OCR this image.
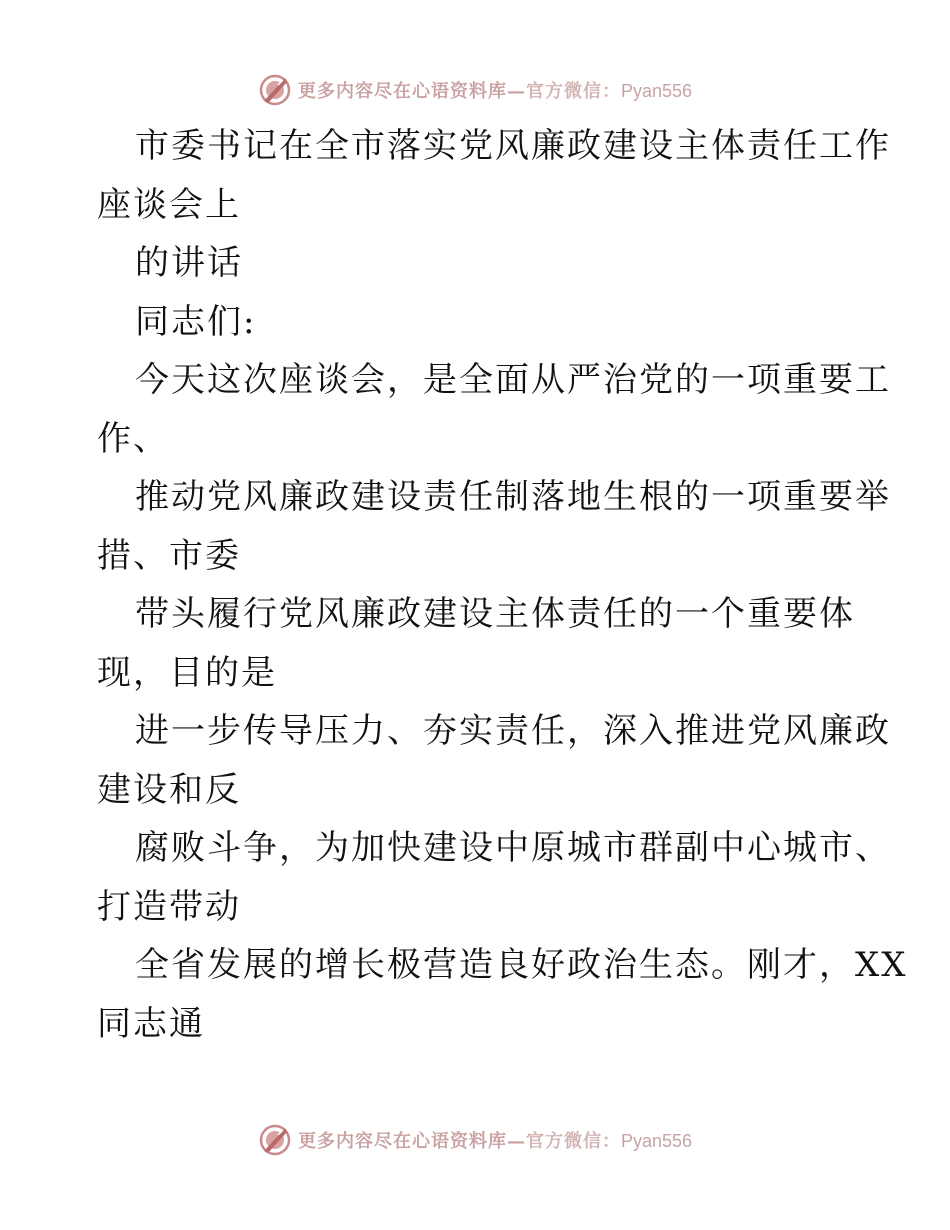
更多内容尽在心语资料库—官方微信：Pyan556
市委书记在全市落实党风廉政建设主体责任工作
座谈会上
的讲话
同志们:
今天这次座谈会，是全面从严治党的一项重要工
作、
推动党风廉政建设责任制落地生根的一项重要举
措、市委
带头履行党风廉政建设主体责任的一个重要体
现，目的是
进一步传导压力、夯实责任，深入推进党风廉政
建设和反
腐败斗争，为加快建设中原城市群副中心城市、
打造带动
全省发展的增长极营造良好政治生态。刚才，XX
同志通
更多内容尽在心语资料库—官方微信：Pyan556
